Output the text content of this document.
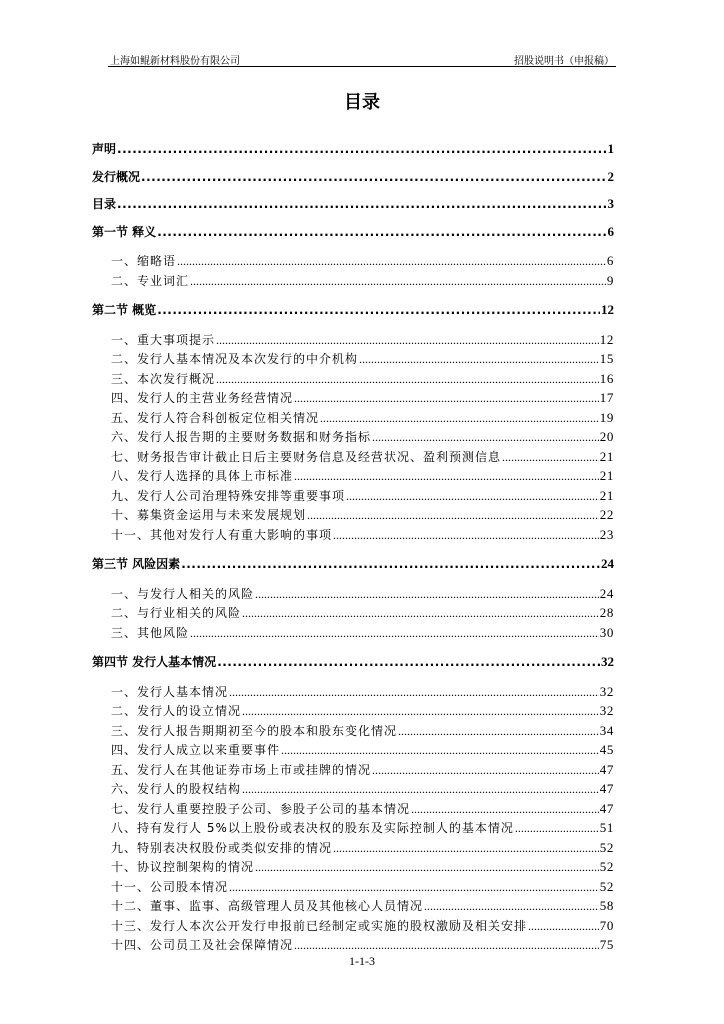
上海如鲲新材料股份有限公司	招股说明书（申报稿）
目录
声明 .....	1
发行概况 .....	2
目录 .....	3
第一节 释义 .....	6
一、缩略语 .....	6
二、专业词汇 .....	9
第二节 概览 .....	12
一、重大事项提示 .....	12
二、发行人基本情况及本次发行的中介机构 .....	15
三、本次发行概况 .....	16
四、发行人的主营业务经营情况 .....	17
五、发行人符合科创板定位相关情况 .....	19
六、发行人报告期的主要财务数据和财务指标 .....	20
七、财务报告审计截止日后主要财务信息及经营状况、盈利预测信息 .....	21
八、发行人选择的具体上市标准 .....	21
九、发行人公司治理特殊安排等重要事项 .....	21
十、募集资金运用与未来发展规划 .....	22
十一、其他对发行人有重大影响的事项 .....	23
第三节 风险因素 .....	24
一、与发行人相关的风险 .....	24
二、与行业相关的风险 .....	28
三、其他风险 .....	30
第四节 发行人基本情况 .....	32
一、发行人基本情况 .....	32
二、发行人的设立情况 .....	32
三、发行人报告期期初至今的股本和股东变化情况 .....	34
四、发行人成立以来重要事件 .....	45
五、发行人在其他证券市场上市或挂牌的情况 .....	47
六、发行人的股权结构 .....	47
七、发行人重要控股子公司、参股子公司的基本情况 .....	47
八、持有发行人 5%以上股份或表决权的股东及实际控制人的基本情况 .....	51
九、特别表决权股份或类似安排的情况 .....	52
十、协议控制架构的情况 .....	52
十一、公司股本情况 .....	52
十二、董事、监事、高级管理人员及其他核心人员情况 .....	58
十三、发行人本次公开发行申报前已经制定或实施的股权激励及相关安排 .....	70
十四、公司员工及社会保障情况 .....	75
1-1-3
